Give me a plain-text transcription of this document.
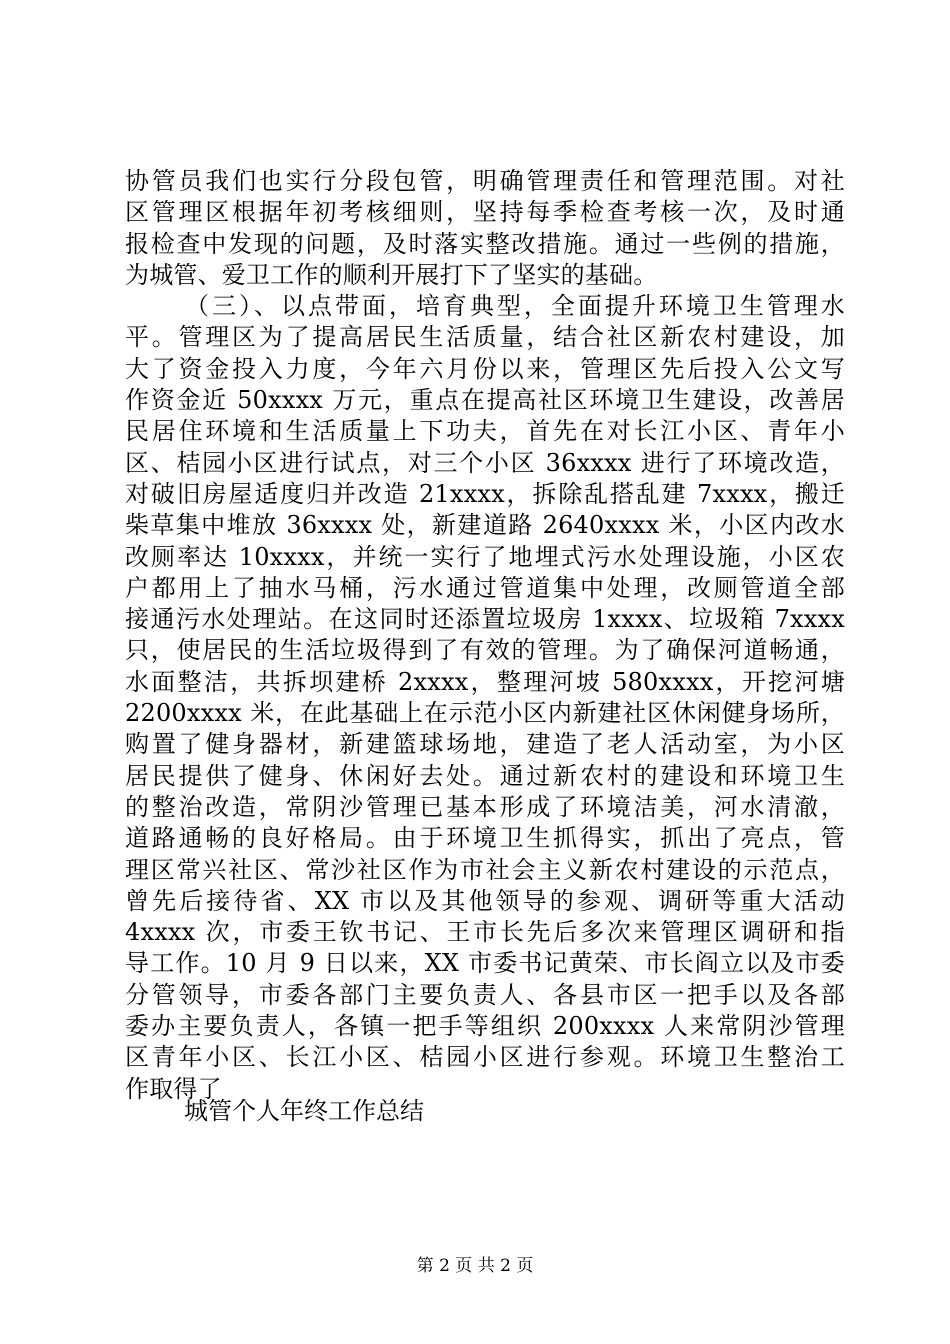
协管员我们也实行分段包管，明确管理责任和管理范围。对社
区管理区根据年初考核细则，坚持每季检查考核一次，及时通
报检查中发现的问题，及时落实整改措施。通过一些例的措施，
为城管、爱卫工作的顺利开展打下了坚实的基础。
（三）、以点带面，培育典型，全面提升环境卫生管理水
平。管理区为了提高居民生活质量，结合社区新农村建设，加
大了资金投入力度，今年六月份以来，管理区先后投入公文写
作资金近 50xxxx 万元，重点在提高社区环境卫生建设，改善居
民居住环境和生活质量上下功夫，首先在对长江小区、青年小
区、桔园小区进行试点，对三个小区 36xxxx 进行了环境改造，
对破旧房屋适度归并改造 21xxxx，拆除乱搭乱建 7xxxx，搬迁
柴草集中堆放 36xxxx 处，新建道路 2640xxxx 米，小区内改水
改厕率达 10xxxx，并统一实行了地埋式污水处理设施，小区农
户都用上了抽水马桶，污水通过管道集中处理，改厕管道全部
接通污水处理站。在这同时还添置垃圾房 1xxxx、垃圾箱 7xxxx
只，使居民的生活垃圾得到了有效的管理。为了确保河道畅通，
水面整洁，共拆坝建桥 2xxxx，整理河坡 580xxxx，开挖河塘
2200xxxx 米，在此基础上在示范小区内新建社区休闲健身场所，
购置了健身器材，新建篮球场地，建造了老人活动室，为小区
居民提供了健身、休闲好去处。通过新农村的建设和环境卫生
的整治改造，常阴沙管理已基本形成了环境洁美，河水清澈，
道路通畅的良好格局。由于环境卫生抓得实，抓出了亮点，管
理区常兴社区、常沙社区作为市社会主义新农村建设的示范点，
曾先后接待省、XX 市以及其他领导的参观、调研等重大活动
4xxxx 次，市委王钦书记、王市长先后多次来管理区调研和指
导工作。10 月 9 日以来，XX 市委书记黄荣、市长阎立以及市委
分管领导，市委各部门主要负责人、各县市区一把手以及各部
委办主要负责人，各镇一把手等组织 200xxxx 人来常阴沙管理
区青年小区、长江小区、桔园小区进行参观。环境卫生整治工
作取得了
城管个人年终工作总结
第 2 页 共 2 页
